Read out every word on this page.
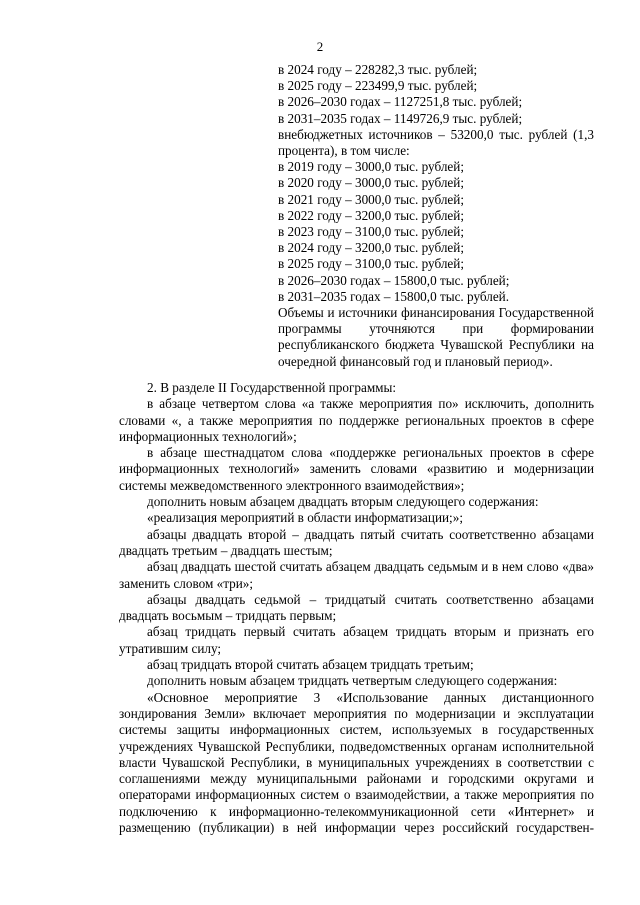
2
в 2024 году – 228282,3 тыс. рублей;
в 2025 году – 223499,9 тыс. рублей;
в 2026–2030 годах – 1127251,8 тыс. рублей;
в 2031–2035 годах – 1149726,9 тыс. рублей;
внебюджетных источников – 53200,0 тыс. рублей (1,3 процента), в том числе:
в 2019 году – 3000,0 тыс. рублей;
в 2020 году – 3000,0 тыс. рублей;
в 2021 году – 3000,0 тыс. рублей;
в 2022 году – 3200,0 тыс. рублей;
в 2023 году – 3100,0 тыс. рублей;
в 2024 году – 3200,0 тыс. рублей;
в 2025 году – 3100,0 тыс. рублей;
в 2026–2030 годах – 15800,0 тыс. рублей;
в 2031–2035 годах – 15800,0 тыс. рублей.
Объемы и источники финансирования Государственной программы уточняются при формировании республиканского бюджета Чувашской Республики на очередной финансовый год и плановый период».

2. В разделе II Государственной программы:

в абзаце четвертом слова «а также мероприятия по» исключить, дополнить словами «, а также мероприятия по поддержке региональных проектов в сфере информационных технологий»;

в абзаце шестнадцатом слова «поддержке региональных проектов в сфере информационных технологий» заменить словами «развитию и модернизации системы межведомственного электронного взаимодействия»;

дополнить новым абзацем двадцать вторым следующего содержания:

«реализация мероприятий в области информатизации;»;

абзацы двадцать второй – двадцать пятый считать соответственно абзацами двадцать третьим – двадцать шестым;

абзац двадцать шестой считать абзацем двадцать седьмым и в нем слово «два» заменить словом «три»;

абзацы двадцать седьмой – тридцатый считать соответственно абзацами двадцать восьмым – тридцать первым;

абзац тридцать первый считать абзацем тридцать вторым и признать его утратившим силу;

абзац тридцать второй считать абзацем тридцать третьим;

дополнить новым абзацем тридцать четвертым следующего содержания:

«Основное мероприятие 3 «Использование данных дистанционного зондирования Земли» включает мероприятия по модернизации и эксплуатации системы защиты информационных систем, используемых в государственных учреждениях Чувашской Республики, подведомственных органам исполнительной власти Чувашской Республики, в муниципальных учреждениях в соответствии с соглашениями между муниципальными районами и городскими округами и операторами информационных систем о взаимодействии, а также мероприятия по подключению к информационно-телекоммуникационной сети «Интернет» и размещению (публикации) в ней информации через российский государствен-
